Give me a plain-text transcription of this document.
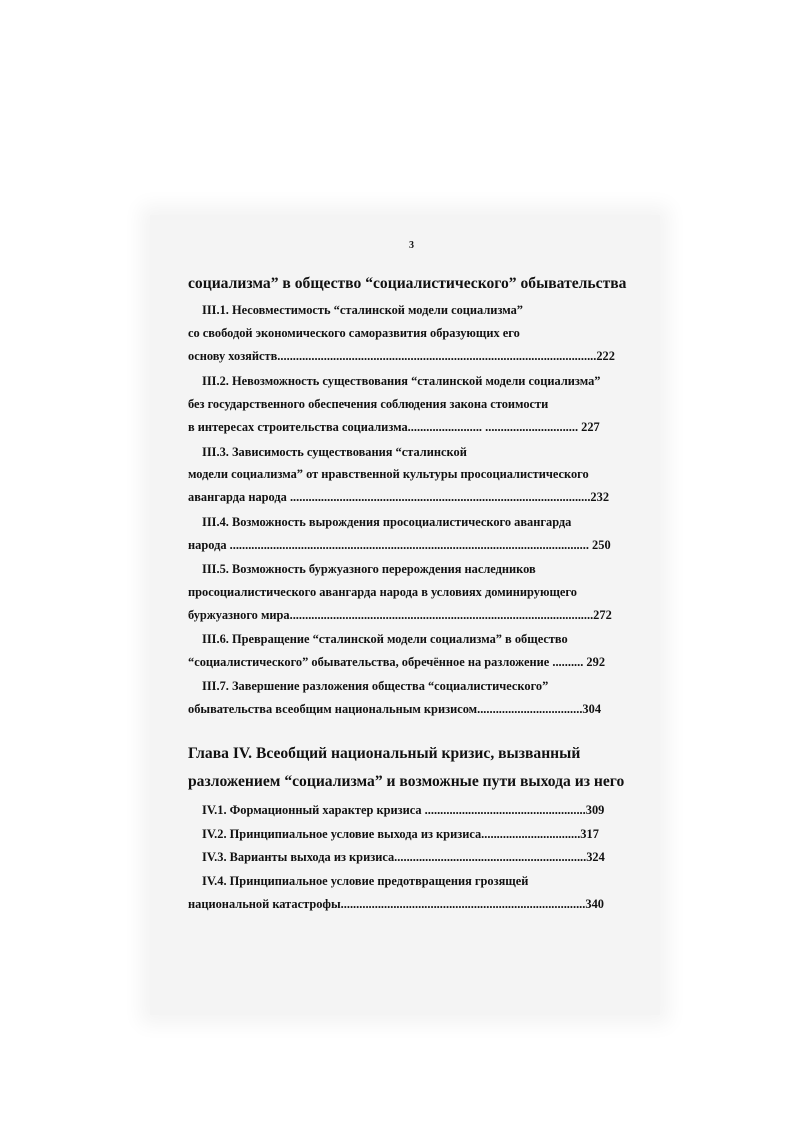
3
социализма” в общество “социалистического” обывательства
III.1. Несовместимость “сталинской модели социализма”
со свободой экономического саморазвития образующих его
основу хозяйств.......................................................................................................222
III.2. Невозможность существования “сталинской модели социализма”
без государственного обеспечения соблюдения закона стоимости
в интересах строительства социализма........................ .............................. 227
III.3. Зависимость существования “сталинской
модели социализма” от нравственной культуры просоциалистического
авангарда народа .................................................................................................232
III.4. Возможность вырождения просоциалистического авангарда
народа .................................................................................................................... 250
III.5. Возможность буржуазного перерождения наследников
просоциалистического авангарда народа в условиях доминирующего
буржуазного мира..................................................................................................272
III.6. Превращение “сталинской модели социализма” в общество
“социалистического” обывательства, обречённое на разложение .......... 292
III.7. Завершение разложения общества “социалистического”
обывательства всеобщим национальным кризисом..................................304
Глава IV. Всеобщий национальный кризис, вызванный
разложением “социализма” и возможные пути выхода из него
IV.1. Формационный характер кризиса ....................................................309
IV.2. Принципиальное условие выхода из кризиса................................317
IV.3. Варианты выхода из кризиса..............................................................324
IV.4. Принципиальное условие предотвращения грозящей
национальной катастрофы...............................................................................340
